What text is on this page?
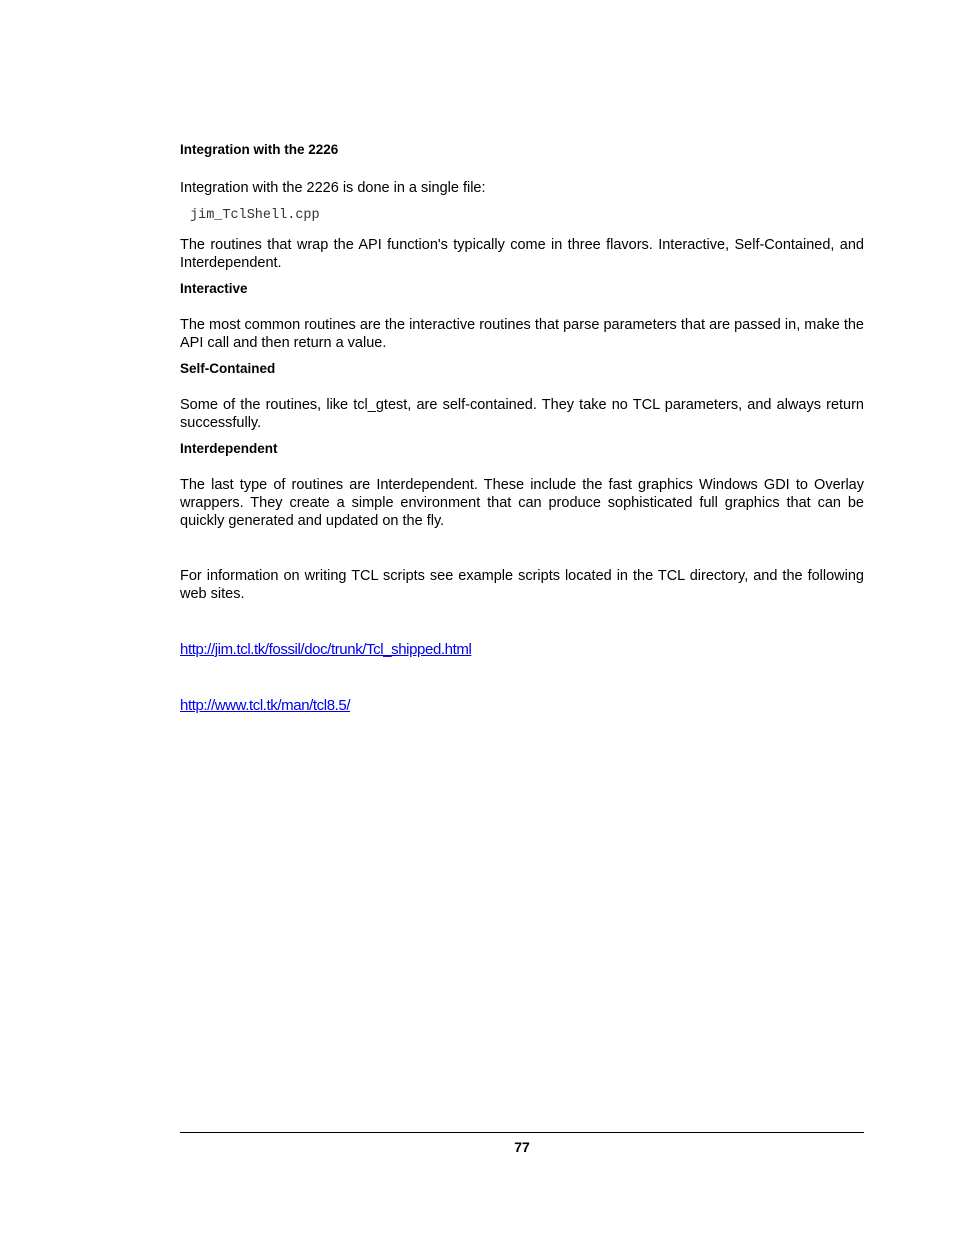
Integration with the 2226

Integration with the 2226 is done in a single file:

jim_TclShell.cpp

The routines that wrap the API function's typically come in three flavors. Interactive, Self-Contained, and Interdependent.

Interactive

The most common routines are the interactive routines that parse parameters that are passed in, make the API call and then return a value.

Self-Contained

Some of the routines, like tcl_gtest, are self-contained. They take no TCL parameters, and always return successfully.

Interdependent

The last type of routines are Interdependent. These include the fast graphics Windows GDI to Overlay wrappers. They create a simple environment that can produce sophisticated full graphics that can be quickly generated and updated on the fly.

For information on writing TCL scripts see example scripts located in the TCL directory, and the following web sites.

http://jim.tcl.tk/fossil/doc/trunk/Tcl_shipped.html
http://www.tcl.tk/man/tcl8.5/
77
